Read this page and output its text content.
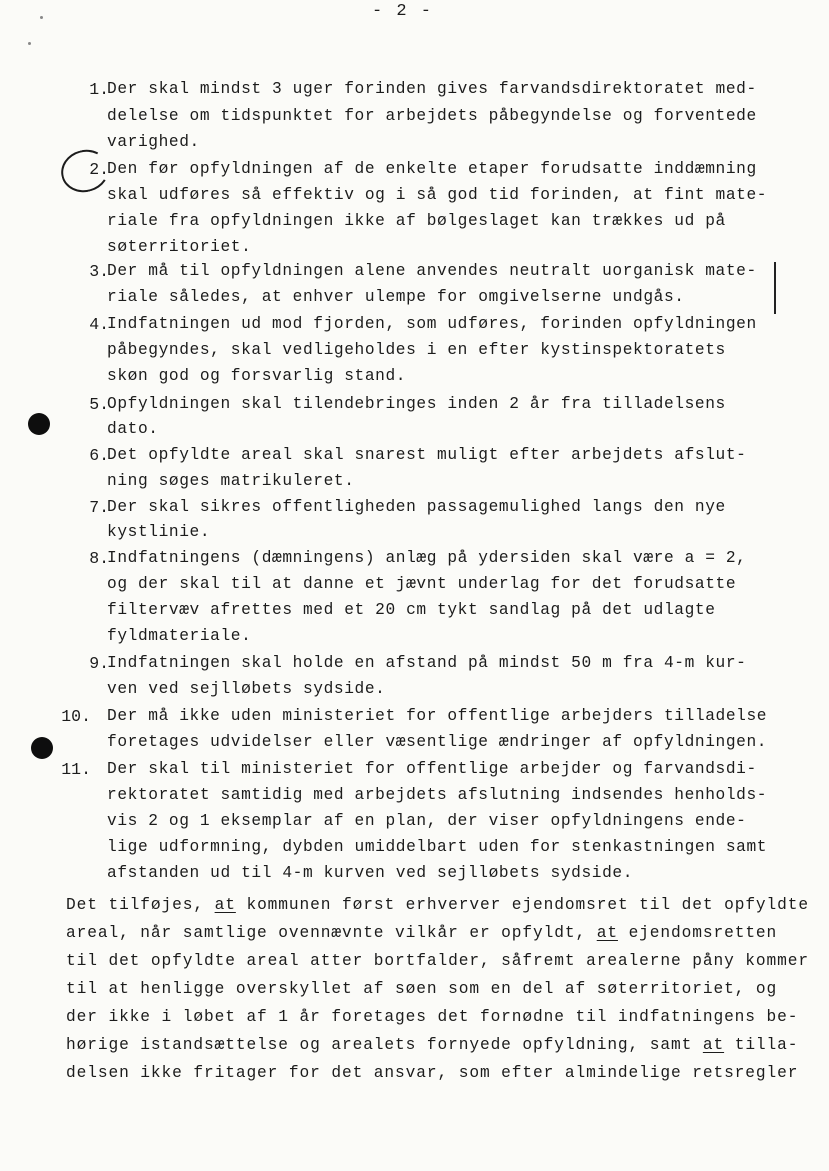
- 2 -
1.
Der skal mindst 3 uger forinden gives farvandsdirektoratet med-
delelse om tidspunktet for arbejdets påbegyndelse og forventede
varighed.
2.
Den før opfyldningen af de enkelte etaper forudsatte inddæmning
skal udføres så effektiv og i så god tid forinden, at fint mate-
riale fra opfyldningen ikke af bølgeslaget kan trækkes ud på
søterritoriet.
3.
Der må til opfyldningen alene anvendes neutralt uorganisk mate-
riale således, at enhver ulempe for omgivelserne undgås.
4.
Indfatningen ud mod fjorden, som udføres, forinden opfyldningen
påbegyndes, skal vedligeholdes i en efter kystinspektoratets
skøn god og forsvarlig stand.
5.
Opfyldningen skal tilendebringes inden 2 år fra tilladelsens
dato.
6.
Det opfyldte areal skal snarest muligt efter arbejdets afslut-
ning søges matrikuleret.
7.
Der skal sikres offentligheden passagemulighed langs den nye
kystlinie.
8.
Indfatningens (dæmningens) anlæg på ydersiden skal være a = 2,
og der skal til at danne et jævnt underlag for det forudsatte
filtervæv afrettes med et 20 cm tykt sandlag på det udlagte
fyldmateriale.
9.
Indfatningen skal holde en afstand på mindst 50 m fra 4-m kur-
ven ved sejlløbets sydside.
10. Der må ikke uden ministeriet for offentlige arbejders tilladelse
foretages udvidelser eller væsentlige ændringer af opfyldningen.
11. Der skal til ministeriet for offentlige arbejder og farvandsdi-
rektoratet samtidig med arbejdets afslutning indsendes henholds-
vis 2 og 1 eksemplar af en plan, der viser opfyldningens ende-
lige udformning, dybden umiddelbart uden for stenkastningen samt
afstanden ud til 4-m kurven ved sejlløbets sydside.
Det tilføjes, at kommunen først erhverver ejendomsret til det opfyldte
areal, når samtlige ovennævnte vilkår er opfyldt, at ejendomsretten
til det opfyldte areal atter bortfalder, såfremt arealerne påny kommer
til at henligge overskyllet af søen som en del af søterritoriet, og
der ikke i løbet af 1 år foretages det fornødne til indfatningens be-
hørige istandsættelse og arealets fornyede opfyldning, samt at tilla-
delsen ikke fritager for det ansvar, som efter almindelige retsregler
